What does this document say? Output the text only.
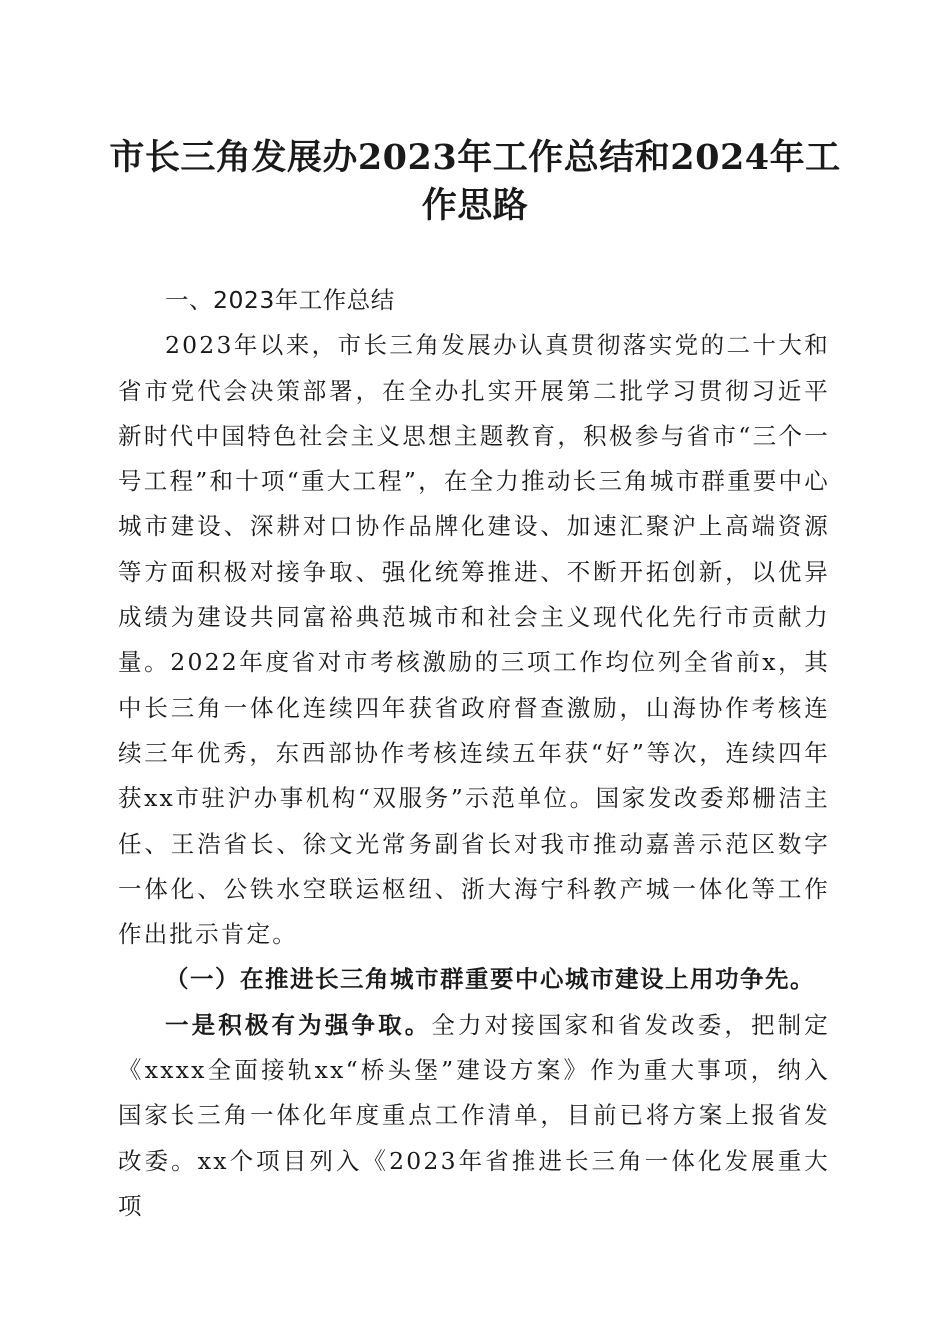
市长三角发展办2023年工作总结和2024年工作思路

一、2023年工作总结

2023年以来，市长三角发展办认真贯彻落实党的二十大和省市党代会决策部署，在全办扎实开展第二批学习贯彻习近平新时代中国特色社会主义思想主题教育，积极参与省市“三个一号工程”和十项“重大工程”，在全力推动长三角城市群重要中心城市建设、深耕对口协作品牌化建设、加速汇聚沪上高端资源等方面积极对接争取、强化统筹推进、不断开拓创新，以优异成绩为建设共同富裕典范城市和社会主义现代化先行市贡献力量。2022年度省对市考核激励的三项工作均位列全省前x，其中长三角一体化连续四年获省政府督查激励，山海协作考核连续三年优秀，东西部协作考核连续五年获“好”等次，连续四年获xx市驻沪办事机构“双服务”示范单位。国家发改委郑栅洁主任、王浩省长、徐文光常务副省长对我市推动嘉善示范区数字一体化、公铁水空联运枢纽、浙大海宁科教产城一体化等工作作出批示肯定。

（一）在推进长三角城市群重要中心城市建设上用功争先。

一是积极有为强争取。全力对接国家和省发改委，把制定《xxxx全面接轨xx“桥头堡”建设方案》作为重大事项，纳入国家长三角一体化年度重点工作清单，目前已将方案上报省发改委。xx个项目列入《2023年省推进长三角一体化发展重大项
